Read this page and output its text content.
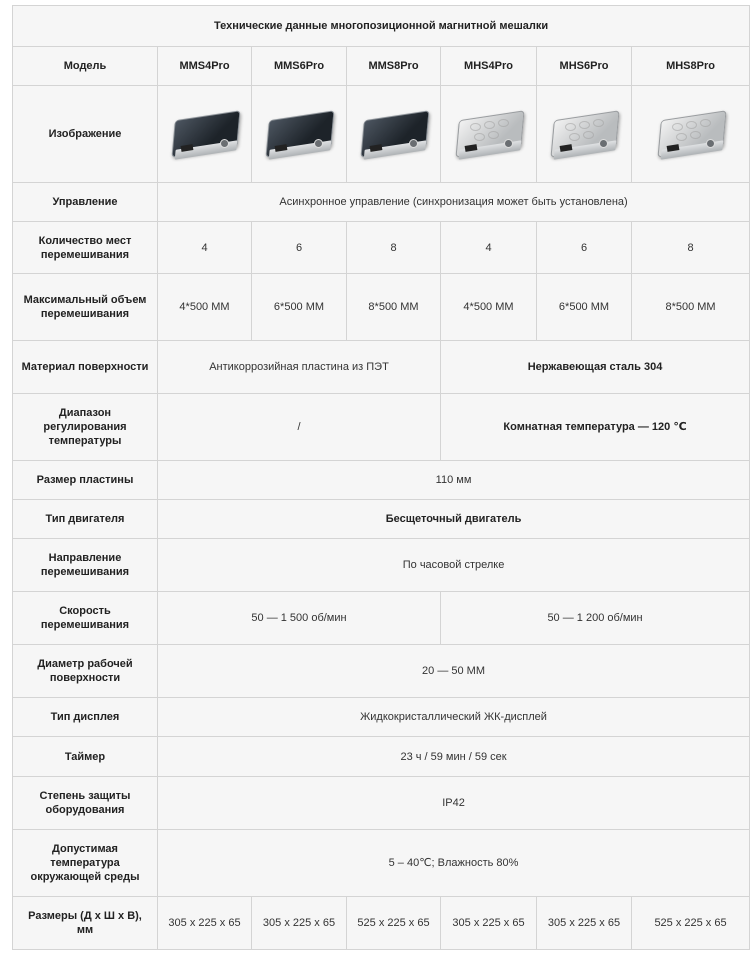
Технические данные многопозиционной магнитной мешалки						
Модель	MMS4Pro	MMS6Pro	MMS8Pro	MHS4Pro	MHS6Pro	MHS8Pro
Изображение	

Управление	Асинхронное управление (синхронизация может быть установлена)					
Количество мест перемешивания	4	6	8	4	6	8
Максимальный объем перемешивания	4*500 ММ	6*500 ММ	8*500 ММ	4*500 ММ	6*500 ММ	8*500 ММ
Материал поверхности	Антикоррозийная пластина из ПЭТ			Нержавеющая сталь 304		
Диапазон регулирования температуры	/			Комнатная температура — 120 ℃		
Размер пластины	110 мм					
Тип двигателя	Бесщеточный двигатель					
Направление перемешивания	По часовой стрелке					
Скорость перемешивания	50 — 1 500 об/мин			50 — 1 200 об/мин		
Диаметр рабочей поверхности	20 — 50 ММ					
Тип дисплея	Жидкокристаллический ЖК-дисплей					
Таймер	23 ч / 59 мин / 59 сек					
Степень защиты оборудования	IP42					
Допустимая температура окружающей среды	5 – 40℃; Влажность 80%					
Размеры (Д х Ш х В), мм	305 x 225 x 65	305 x 225 x 65	525 x 225 x 65	305 x 225 x 65	305 x 225 x 65	525 x 225 x 65
